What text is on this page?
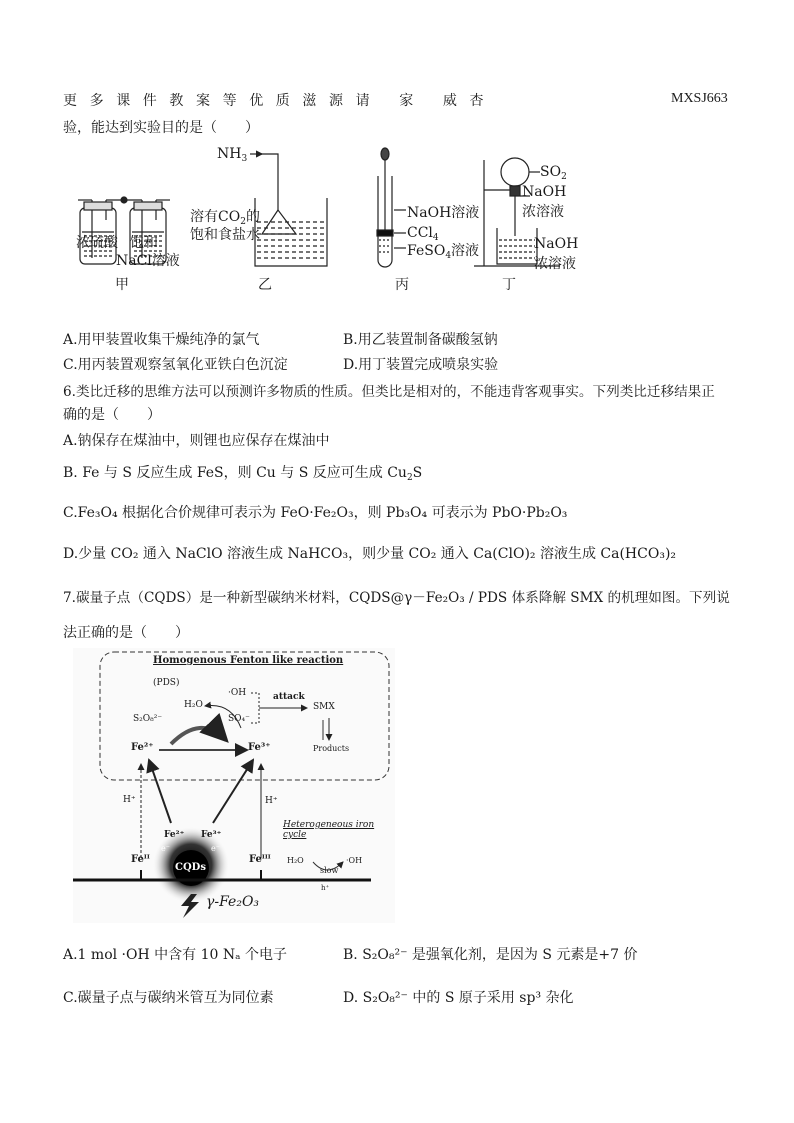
更多课件教案等优质滋源请 家 威杏	MXSJ663
验，能达到实验目的是（　　）
浓硫酸 饱和
NaCl溶液
甲
$NH_3$
溶有$CO_2$的
饱和食盐水
乙
NaOH溶液
CCl$_4$
FeSO$_4$溶液
丙
$SO_2$
NaOH
浓溶液
NaOH
浓溶液
丁
A.用甲装置收集干燥纯净的氯气	B.用乙装置制备碳酸氢钠
C.用丙装置观察氢氧化亚铁白色沉淀	D.用丁装置完成喷泉实验
6.类比迁移的思维方法可以预测许多物质的性质。但类比是相对的，不能违背客观事实。下列类比迁移结果正
确的是（　　）
A.钠保存在煤油中，则锂也应保存在煤油中
B. Fe 与 S 反应生成 FeS，则 Cu 与 S 反应可生成 $Cu_2S$
C.Fe₃O₄ 根据化合价规律可表示为 FeO·Fe₂O₃，则 Pb₃O₄ 可表示为 PbO·Pb₂O₃
D.少量 CO₂ 通入 NaClO 溶液生成 NaHCO₃，则少量 CO₂ 通入 Ca(ClO)₂ 溶液生成 Ca(HCO₃)₂
7.碳量子点（CQDS）是一种新型碳纳米材料，CQDS@γ－Fe₂O₃ / PDS 体系降解 SMX 的机理如图。下列说
法正确的是（　　）
Homogenous Fenton like reaction
(PDS)
S₂O₈²⁻
·OH
H₂O
SO₄⁻
attack
SMX
Products
Fe²⁺	Fe³⁺
H⁺	H⁺
Heterogeneous iron cycle
Fe²⁺ Fe³⁺
Feᴵᴵ	Feᴵᴵᴵ
CQDs
e⁻	e⁻
H₂O
slow
·OH
h⁺
γ-Fe₂O₃
A.1 mol ·OH 中含有 10 Nₐ 个电子	B. S₂O₈²⁻ 是强氧化剂，是因为 S 元素是+7 价
C.碳量子点与碳纳米管互为同位素	D. S₂O₈²⁻ 中的 S 原子采用 sp³ 杂化
